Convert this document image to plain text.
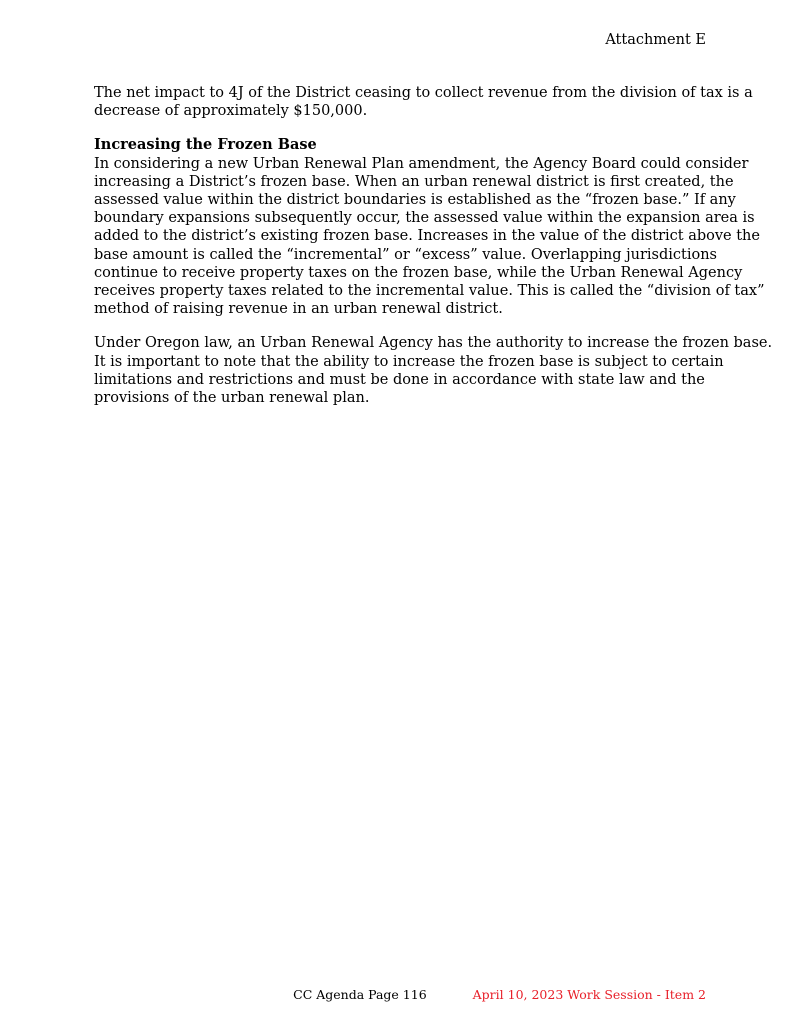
Attachment E

The net impact to 4J of the District ceasing to collect revenue from the division of tax is a
decrease of approximately $150,000.

Increasing the Frozen Base
In considering a new Urban Renewal Plan amendment, the Agency Board could consider
increasing a District’s frozen base. When an urban renewal district is first created, the
assessed value within the district boundaries is established as the “frozen base.” If any
boundary expansions subsequently occur, the assessed value within the expansion area is
added to the district’s existing frozen base. Increases in the value of the district above the
base amount is called the “incremental” or “excess” value. Overlapping jurisdictions
continue to receive property taxes on the frozen base, while the Urban Renewal Agency
receives property taxes related to the incremental value. This is called the “division of tax”
method of raising revenue in an urban renewal district.

Under Oregon law, an Urban Renewal Agency has the authority to increase the frozen base.
It is important to note that the ability to increase the frozen base is subject to certain
limitations and restrictions and must be done in accordance with state law and the
provisions of the urban renewal plan.

CC Agenda Page 116	April 10, 2023 Work Session - Item 2
